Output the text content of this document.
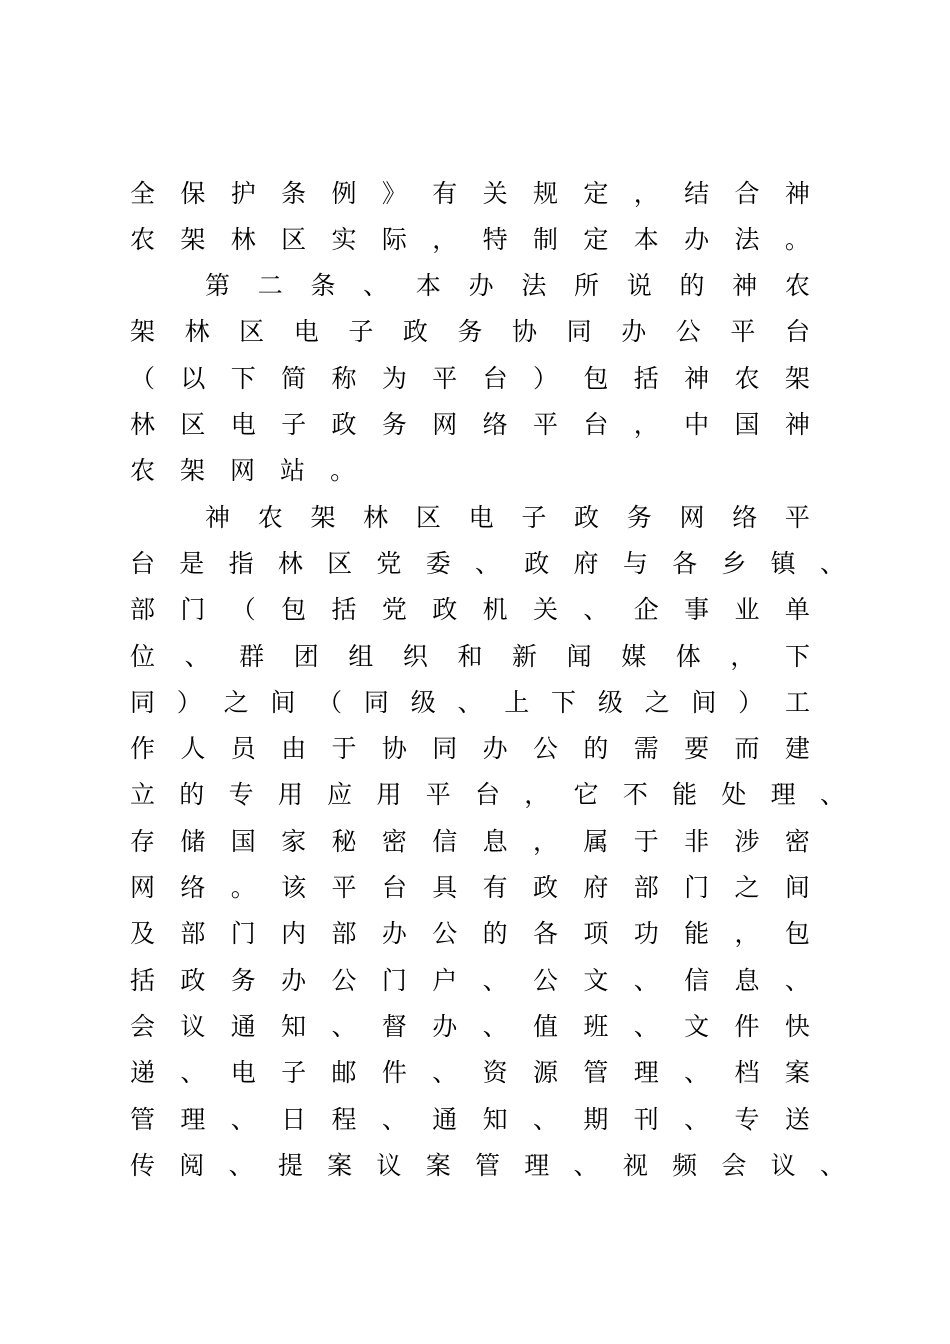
全 保 护 条 例 》 有 关 规 定 ， 结 合 神
农 架 林 区 实 际 ， 特 制 定 本 办 法 。
第 二 条 、 本 办 法 所 说 的 神 农
架 林 区 电 子 政 务 协 同 办 公 平 台
（ 以 下 简 称 为 平 台 ） 包 括 神 农 架
林 区 电 子 政 务 网 络 平 台 ， 中 国 神
农 架 网 站 。
神 农 架 林 区 电 子 政 务 网 络 平
台 是 指 林 区 党 委 、 政 府 与 各 乡 镇 、
部 门 （ 包 括 党 政 机 关 、 企 事 业 单
位 、 群 团 组 织 和 新 闻 媒 体 ， 下
同 ） 之 间 （ 同 级 、 上 下 级 之 间 ） 工
作 人 员 由 于 协 同 办 公 的 需 要 而 建
立 的 专 用 应 用 平 台 ， 它 不 能 处 理 、
存 储 国 家 秘 密 信 息 ， 属 于 非 涉 密
网 络 。 该 平 台 具 有 政 府 部 门 之 间
及 部 门 内 部 办 公 的 各 项 功 能 ， 包
括 政 务 办 公 门 户 、 公 文 、 信 息 、
会 议 通 知 、 督 办 、 值 班 、 文 件 快
递 、 电 子 邮 件 、 资 源 管 理 、 档 案
管 理 、 日 程 、 通 知 、 期 刊 、 专 送
传 阅 、 提 案 议 案 管 理 、 视 频 会 议 、
